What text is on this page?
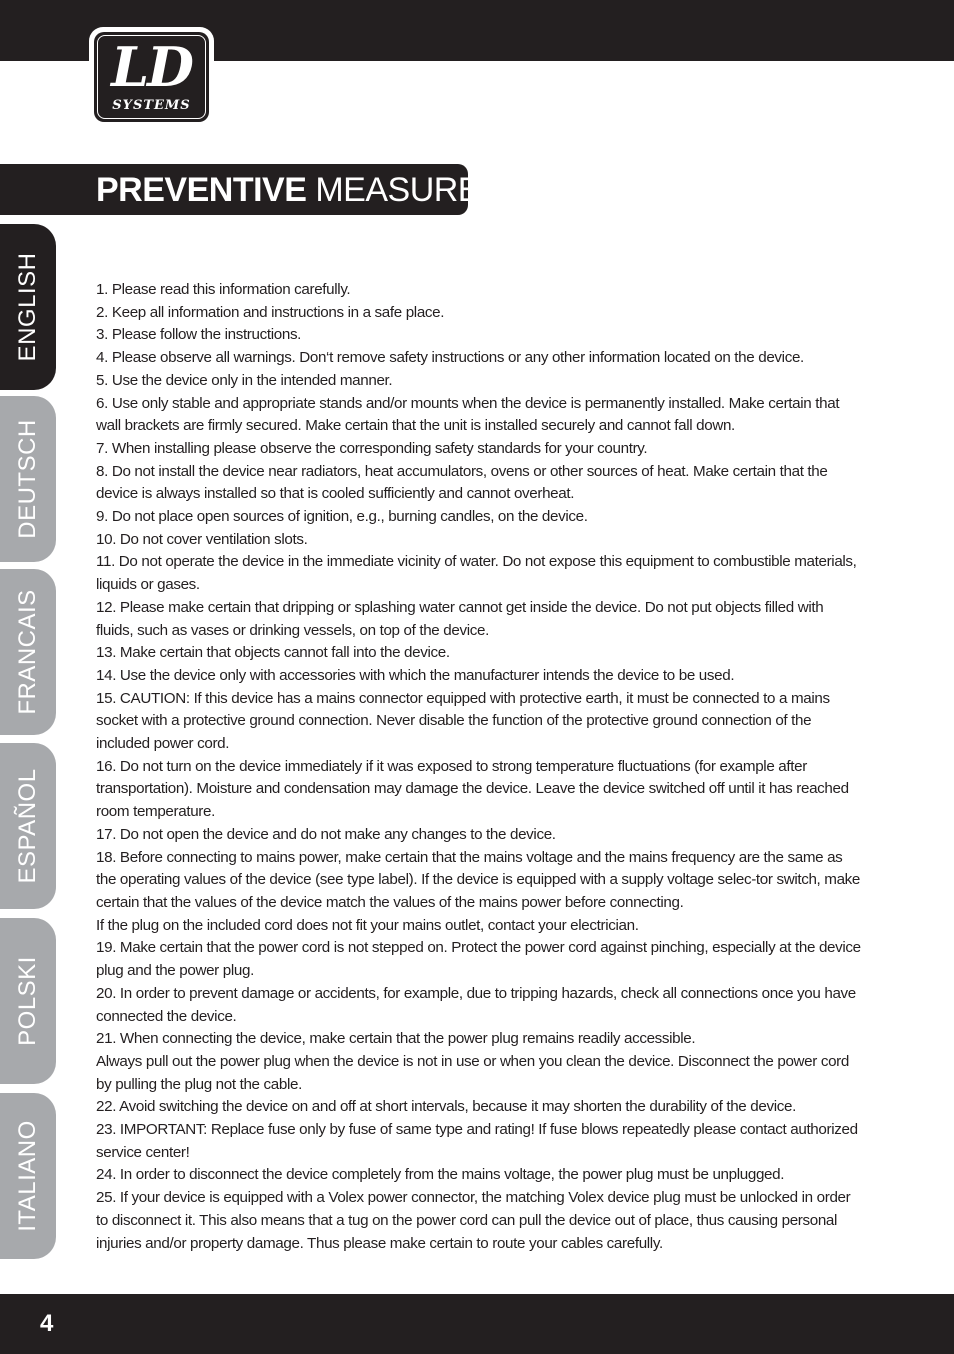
LD
SYSTEMS
PREVENTIVE MEASURES:
ENGLISH
DEUTSCH
FRANCAIS
ESPAÑOL
POLSKI
ITALIANO

1. Please read this information carefully.

2. Keep all information and instructions in a safe place.

3. Please follow the instructions.

4. Please observe all warnings. Don‘t remove safety instructions or any other information located on the device.

5. Use the device only in the intended manner.

6. Use only stable and appropriate stands and/or mounts when the device is permanently installed. Make certain that wall brackets are firmly secured. Make certain that the unit is installed securely and cannot fall down.

7. When installing please observe the corresponding safety standards for your country.

8. Do not install the device near radiators, heat accumulators, ovens or other sources of heat. Make certain that the device is always installed so that is cooled sufficiently and cannot overheat.

9. Do not place open sources of ignition, e.g., burning candles, on the device.

10. Do not cover ventilation slots.

11. Do not operate the device in the immediate vicinity of water. Do not expose this equipment to combustible materials, liquids or gases.

12. Please make certain that dripping or splashing water cannot get inside the device. Do not put objects filled with fluids, such as vases or drinking vessels, on top of the device.

13. Make certain that objects cannot fall into the device.

14. Use the device only with accessories with which the manufacturer intends the device to be used.

15. CAUTION: If this device has a mains connector equipped with protective earth, it must be connected to a mains socket with a protective ground connection. Never disable the function of the protective ground connection of the included power cord.

16. Do not turn on the device immediately if it was exposed to strong temperature fluctuations (for example after transportation). Moisture and condensation may damage the device. Leave the device switched off until it has reached room temperature.

17. Do not open the device and do not make any changes to the device.

18. Before connecting to mains power, make certain that the mains voltage and the mains frequency are the same as the operating values of the device (see type label). If the device is equipped with a supply voltage selec-tor switch, make certain that the values of the device match the values of the mains power before connecting.

If the plug on the included cord does not fit your mains outlet, contact your electrician.

19. Make certain that the power cord is not stepped on. Protect the power cord against pinching, especially at the device plug and the power plug.

20. In order to prevent damage or accidents, for example, due to tripping hazards, check all connections once you have connected the device.

21. When connecting the device, make certain that the power plug remains readily accessible.

Always pull out the power plug when the device is not in use or when you clean the device. Disconnect the power cord by pulling the plug not the cable.

22. Avoid switching the device on and off at short intervals, because it may shorten the durability of the device.

23. IMPORTANT: Replace fuse only by fuse of same type and rating! If fuse blows repeatedly please contact authorized service center!

24. In order to disconnect the device completely from the mains voltage, the power plug must be unplugged.

25. If your device is equipped with a Volex power connector, the matching Volex device plug must be unlocked in order to disconnect it. This also means that a tug on the power cord can pull the device out of place, thus causing personal injuries and/or property damage. Thus please make certain to route your cables carefully.

4
